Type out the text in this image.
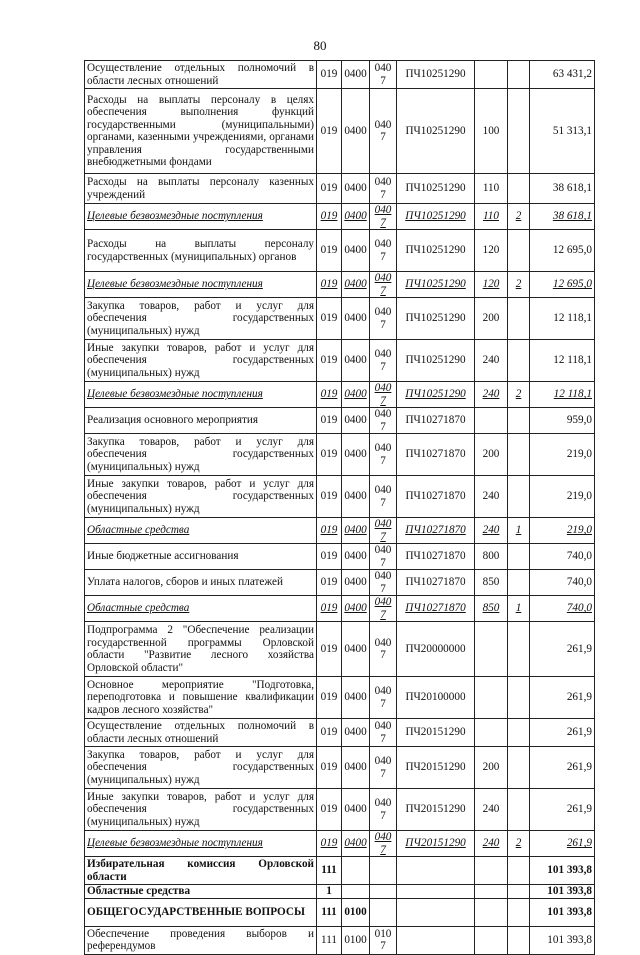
80
Осуществление отдельных полномочий в области лесных отношений	019	0400	0407	ПЧ10251290			63 431,2
Расходы на выплаты персоналу в целях обеспечения выполнения функций государственными (муниципальными) органами, казенными учреждениями, органами управления государственными внебюджетными фондами	019	0400	0407	ПЧ10251290	100		51 313,1
Расходы на выплаты персоналу казенных учреждений	019	0400	0407	ПЧ10251290	110		38 618,1
Целевые безвозмездные поступления	019	0400	0407	ПЧ10251290	110	2	38 618,1
Расходы на выплаты персоналу государственных (муниципальных) органов	019	0400	0407	ПЧ10251290	120		12 695,0
Целевые безвозмездные поступления	019	0400	0407	ПЧ10251290	120	2	12 695,0
Закупка товаров, работ и услуг для обеспечения государственных (муниципальных) нужд	019	0400	0407	ПЧ10251290	200		12 118,1
Иные закупки товаров, работ и услуг для обеспечения государственных (муниципальных) нужд	019	0400	0407	ПЧ10251290	240		12 118,1
Целевые безвозмездные поступления	019	0400	0407	ПЧ10251290	240	2	12 118,1
Реализация основного мероприятия	019	0400	0407	ПЧ10271870			959,0
Закупка товаров, работ и услуг для обеспечения государственных (муниципальных) нужд	019	0400	0407	ПЧ10271870	200		219,0
Иные закупки товаров, работ и услуг для обеспечения государственных (муниципальных) нужд	019	0400	0407	ПЧ10271870	240		219,0
Областные средства	019	0400	0407	ПЧ10271870	240	1	219,0
Иные бюджетные ассигнования	019	0400	0407	ПЧ10271870	800		740,0
Уплата налогов, сборов и иных платежей	019	0400	0407	ПЧ10271870	850		740,0
Областные средства	019	0400	0407	ПЧ10271870	850	1	740,0
Подпрограмма 2 "Обеспечение реализации государственной программы Орловской области "Развитие лесного хозяйства Орловской области"	019	0400	0407	ПЧ20000000			261,9
Основное мероприятие "Подготовка, переподготовка и повышение квалификации кадров лесного хозяйства"	019	0400	0407	ПЧ20100000			261,9
Осуществление отдельных полномочий в области лесных отношений	019	0400	0407	ПЧ20151290			261,9
Закупка товаров, работ и услуг для обеспечения государственных (муниципальных) нужд	019	0400	0407	ПЧ20151290	200		261,9
Иные закупки товаров, работ и услуг для обеспечения государственных (муниципальных) нужд	019	0400	0407	ПЧ20151290	240		261,9
Целевые безвозмездные поступления	019	0400	0407	ПЧ20151290	240	2	261,9
Избирательная комиссия Орловской области	111						101 393,8
Областные средства	1						101 393,8
ОБЩЕГОСУДАРСТВЕННЫЕ ВОПРОСЫ	111	0100					101 393,8
Обеспечение проведения выборов и референдумов	111	0100	0107				101 393,8
